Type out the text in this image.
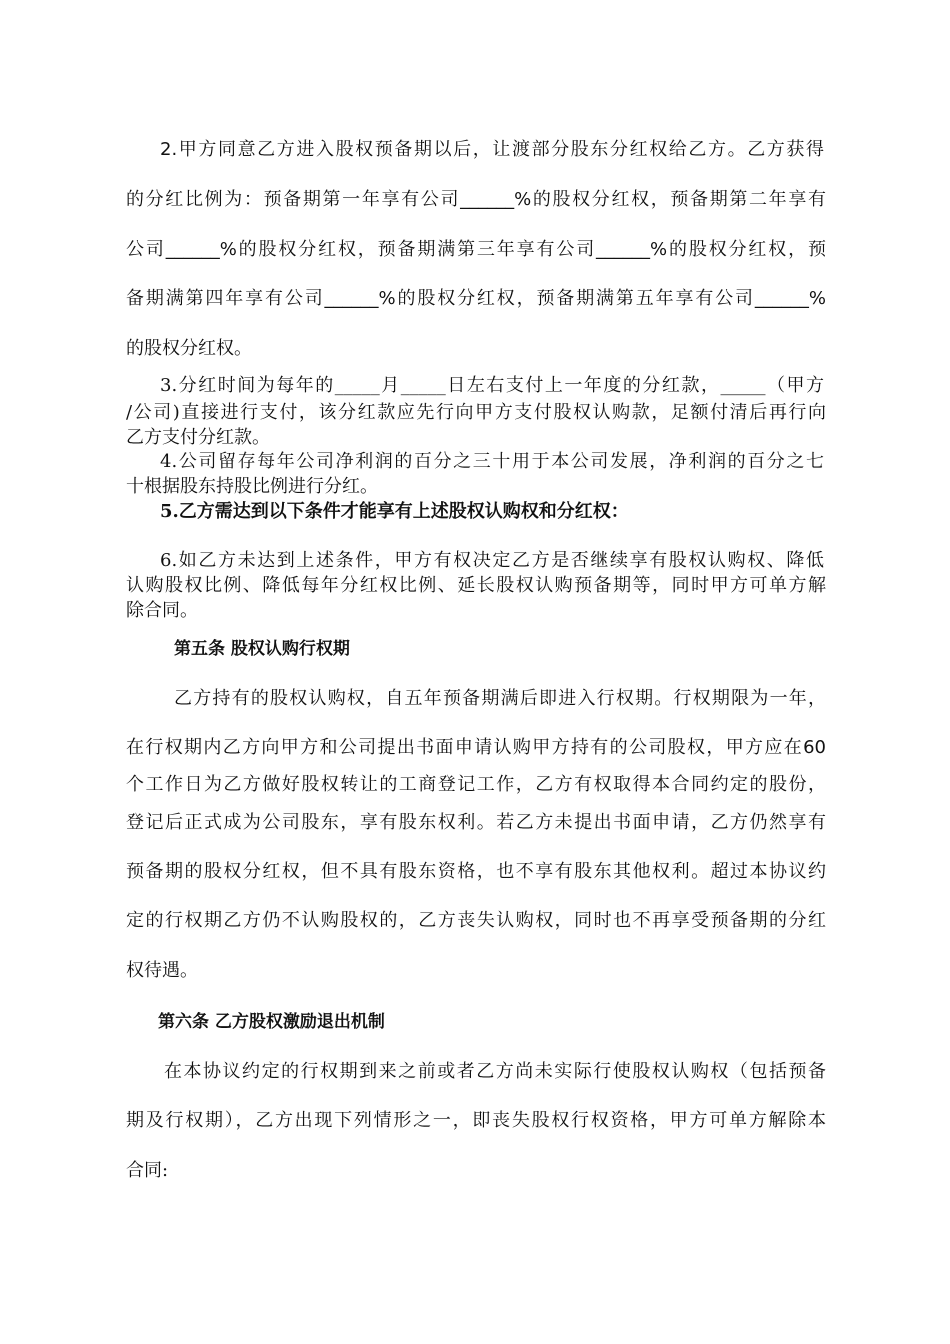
2.甲方同意乙方进入股权预备期以后，让渡部分股东分红权给乙方。乙方获得

的分红比例为：预备期第一年享有公司______%的股权分红权，预备期第二年享有

公司______%的股权分红权，预备期满第三年享有公司______%的股权分红权，预

备期满第四年享有公司______%的股权分红权，预备期满第五年享有公司______%

的股权分红权。

3.分红时间为每年的_____月_____日左右支付上一年度的分红款，_____（甲方

/公司)直接进行支付，该分红款应先行向甲方支付股权认购款，足额付清后再行向

乙方支付分红款。

4.公司留存每年公司净利润的百分之三十用于本公司发展，净利润的百分之七

十根据股东持股比例进行分红。

5.乙方需达到以下条件才能享有上述股权认购权和分红权：

6.如乙方未达到上述条件，甲方有权决定乙方是否继续享有股权认购权、降低

认购股权比例、降低每年分红权比例、延长股权认购预备期等，同时甲方可单方解

除合同。

第五条 股权认购行权期

乙方持有的股权认购权，自五年预备期满后即进入行权期。行权期限为一年，

在行权期内乙方向甲方和公司提出书面申请认购甲方持有的公司股权，甲方应在60

个工作日为乙方做好股权转让的工商登记工作，乙方有权取得本合同约定的股份，

登记后正式成为公司股东，享有股东权利。若乙方未提出书面申请，乙方仍然享有

预备期的股权分红权，但不具有股东资格，也不享有股东其他权利。超过本协议约

定的行权期乙方仍不认购股权的，乙方丧失认购权，同时也不再享受预备期的分红

权待遇。

第六条 乙方股权激励退出机制

在本协议约定的行权期到来之前或者乙方尚未实际行使股权认购权（包括预备

期及行权期），乙方出现下列情形之一，即丧失股权行权资格，甲方可单方解除本

合同:
